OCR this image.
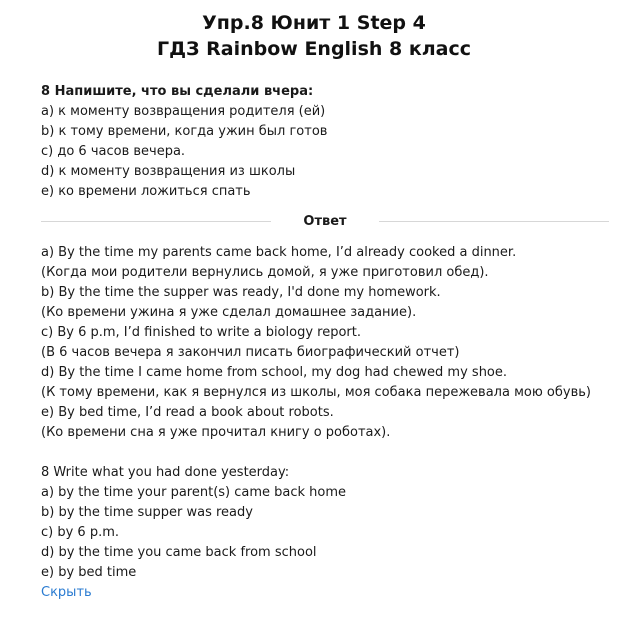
Упр.8 Юнит 1 Step 4
ГДЗ Rainbow English 8 класс
8 Напишите, что вы сделали вчера:
a) к моменту возвращения родителя (ей)
b) к тому времени, когда ужин был готов
c) до 6 часов вечера.
d) к моменту возвращения из школы
e) ко времени ложиться спать
Ответ
a) By the time my parents came back home, I’d already cooked a dinner.
(Когда мои родители вернулись домой, я уже приготовил обед).
b) By the time the supper was ready, I'd done my homework.
(Ко времени ужина я уже сделал домашнее задание).
c) By 6 p.m, I’d finished to write a biology report.
(В 6 часов вечера я закончил писать биографический отчет)
d) By the time I came home from school, my dog had chewed my shoe.
(К тому времени, как я вернулся из школы, моя собака пережевала мою обувь)
e) By bed time, I’d read a book about robots.
(Ко времени сна я уже прочитал книгу о роботах).
8 Write what you had done yesterday:
a) by the time your parent(s) came back home
b) by the time supper was ready
c) by 6 p.m.
d) by the time you came back from school
e) by bed time
Скрыть
